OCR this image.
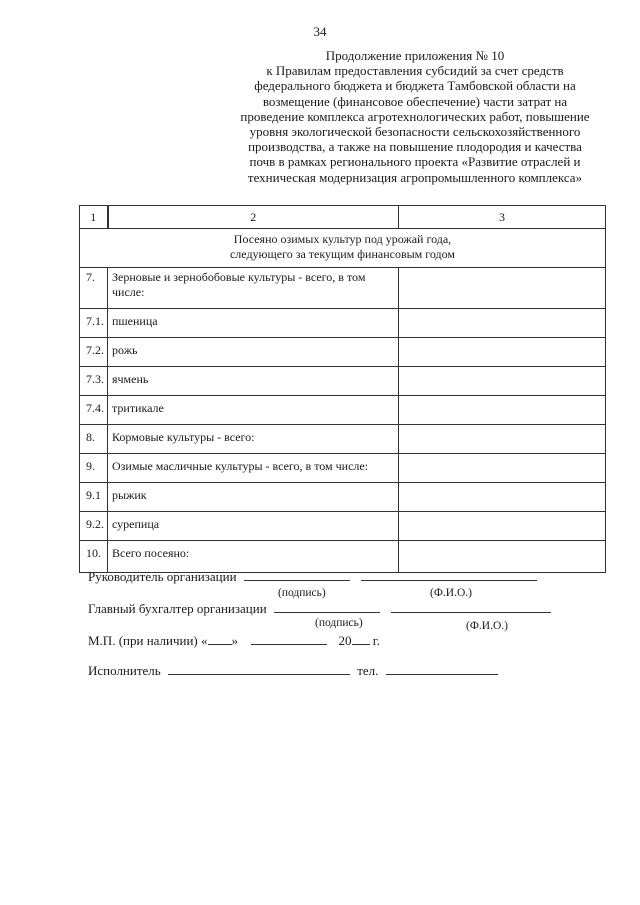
34
Продолжение приложения № 10
к Правилам предоставления субсидий за счет средств
федерального бюджета и бюджета Тамбовской области на
возмещение (финансовое обеспечение) части затрат на
проведение комплекса агротехнологических работ, повышение
уровня экологической безопасности сельскохозяйственного
производства, а также на повышение плодородия и качества
почв в рамках регионального проекта «Развитие отраслей и
техническая модернизация агропромышленного комплекса»
1	2	3

Посеяно озимых культур под урожай года,
следующего за текущим финансовым годом		

7.	Зерновые и зернобобовые культуры - всего, в том числе:	
7.1.	пшеница	
7.2.	рожь	
7.3.	ячмень	
7.4.	тритикале	
8.	Кормовые культуры - всего:	
9.	Озимые масличные культуры - всего, в том числе:	
9.1	рыжик	
9.2.	сурепица	
10.	Всего посеяно:	
Руководитель организации
(подпись)	(Ф.И.О.)
Главный бухгалтер организации
(подпись)	(Ф.И.О.)
М.П. (при наличии) « »	20 г.
Исполнитель	тел.
